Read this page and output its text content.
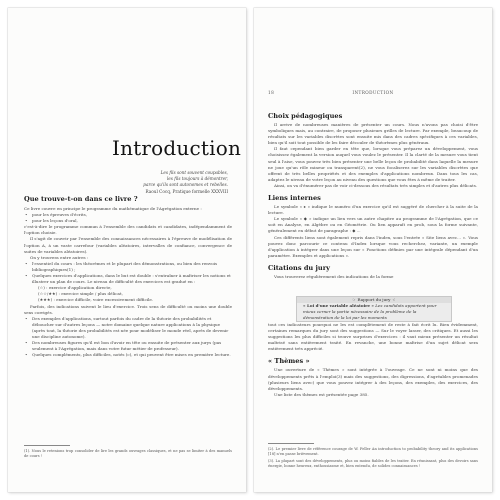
Introduction
Les fils sont souvent coupables,
les fils toujours à démontrer,
parce qu'ils sont autonomes et rebelles.
Raoul Cocq, Pratique formelle XXXVIII
Que trouve-t-on dans ce livre ?

Ce livre couvre en principe le programme du mathématique de l'Agrégation externe :

• pour les épreuves d'écrits,
• pour les leçons d'oral,

c'est-à-dire le programme commun à l'ensemble des candidats et candidates, indépendamment de l'option choisie.

Il s'agit de couvrir par l'ensemble des connaissances nécessaires à l'épreuve de modélisation de l'option A, à un vaste carrefour (variables aléatoires, intervalles de confiance, convergence de suites de variables aléatoires).

On y trouvera entre autres :

• l'essentiel du cours : les théorèmes et le plupart des démonstrations, ou bien des renvois bibliographiques(1) ;
• Quelques exercices d'applications, dans le but est double : s'entraîner à maîtriser les notions et illustrer un plan de cours. Le niveau de difficulté des exercices est gradué en :
(☆) : exercice d'application directe,
(☆☆/★★) : exercice simple / plus délicat,
(★★★) : exercice difficile, voire excessivement difficile.

Parfois, des indications suivent le lieu d'exercice. Trois sens de difficulté ou moins une double sens corrigés.

• Des exemples d'applications, surtout parfois du cadre de la théorie des probabilités et déboucher sur d'autres leçons — notre domaine quelque nature applications à la physique (après tout, la théorie des probabilités est née pour modéliser le monde réel, après de devenir une discipline autonome).
• Des nombreuses figures qu'il est bon d'avoir en tête ou ensuite de présenter aux jurys (pas seulement à l'Agrégation, mais dans votre futur métier de professeur).
• Quelques compléments, plus difficiles, notés (c), et qui peuvent être mises en première lecture.

(1). Nous le retenions trop consolider de lire les grands ouvrages classiques, et ne pas se limiter à des manuels de cours !

18	INTRODUCTION
Choix pédagogiques

Il arrive de nombreuses manières de présenter un cours. Nous n'avons pas choisi d'être symboliques mais, au contraire, de proposer plusieurs grilles de lecture. Par exemple, beaucoup de résultats sur les variables discrètes sont ensuite mis dans des cadres spécifiques à ces variables, bien qu'il soit tout possible de les faire découler de théorèmes plus généraux.

Il faut cependant bien garder en tête que, lorsque vous préparez un développement, vous choisissez également la version auquel vous voulez le présenter. Il la clarté de la mesure vous tient seul à l'aise, vous pouvez très bien présenter une belle leçon de probabilité dans laquelle la mesure ne joue qu'un rôle mineur ou transparent(2), ne vous focaliserez sur les variables discrètes que offrent de très belles propriétés et des exemples d'applications nombreux. Dans tous les cas, adaptez le niveau de votre leçon au niveau des questions que vous êtes à même de traiter.

Ainsi, on va d'énumérer pas de voir ci-dessous des résultats très simples et d'autres plus délicats.

Liens internes

Le symbole « ▸ » indique le numéro d'un exercice qu'il est suggéré de chercher à la suite de la lecture.

Le symbole « ◆ » indique un lien vers un autre chapitre au programme de l'Agrégation, que ce soit en Analyse, en Algèbre ou en Géométrie. Ou lien apparaît en prob, sous la forme suivante, généralement en début de paragraphe : ◆ ...

Ces différents liens sont également repris dans l'index, sous l'entrée « Site liens avec... ». Vous pouvez donc parcourir ce contenu d'Index lorsque vous recherchez, variante, un exemple d'application à intégrer dans une leçon sur « Fonctions définies par une intégrale dépendant d'un paramètre. Exemples et applications ».

Citations du jury

Vous trouverez régulièrement des indications de la forme

☞ Rapport du jury ☜

« Loi d'une variable aléatoire » Les candidats apportent pour mieux cerner la partie nécessaire de la problème de la démonstration de la loi par les moments

tout ces indicateurs pourquoi ne les est complètement de reste à fait écrit lu. Bien évidemment, certaines remarques du jury sont des suggestions — Sur le voyer lasser, des critiques. Et aussi les suggestions les plus difficiles si trouve surprises d'exercices : il vaut mieux présenter un résultat maîtrisé sans entièrement traité. En revanche, une bonne maîtrise d'un sujet délicat sera entièrement très apprécié.

« Thèmes »

Une ouverture de « Thèmes » sont intégrée à l'ouvrage. Ce ne sont ni moins que des développements prêts à l'emploi(3) mais des suggestions, des digressions, d'agréables promenades (plusieurs liens avec) que vous pouvez intégrer à des leçons, des exemples, des exercices, des développements.

Une liste des thèmes est présentée page 385.

(2). Le premier livre de référence courage de W. Feller An introduction to probability theory and its applications [18] n'en passe brièvement.

(3). La plupart sont des développements, plus ou moins fiables de les traiter. En réunissant, plus des devoirs sans énergie, bonne heureux, enthousiasme et, bien entendu, de solides connaissances !
